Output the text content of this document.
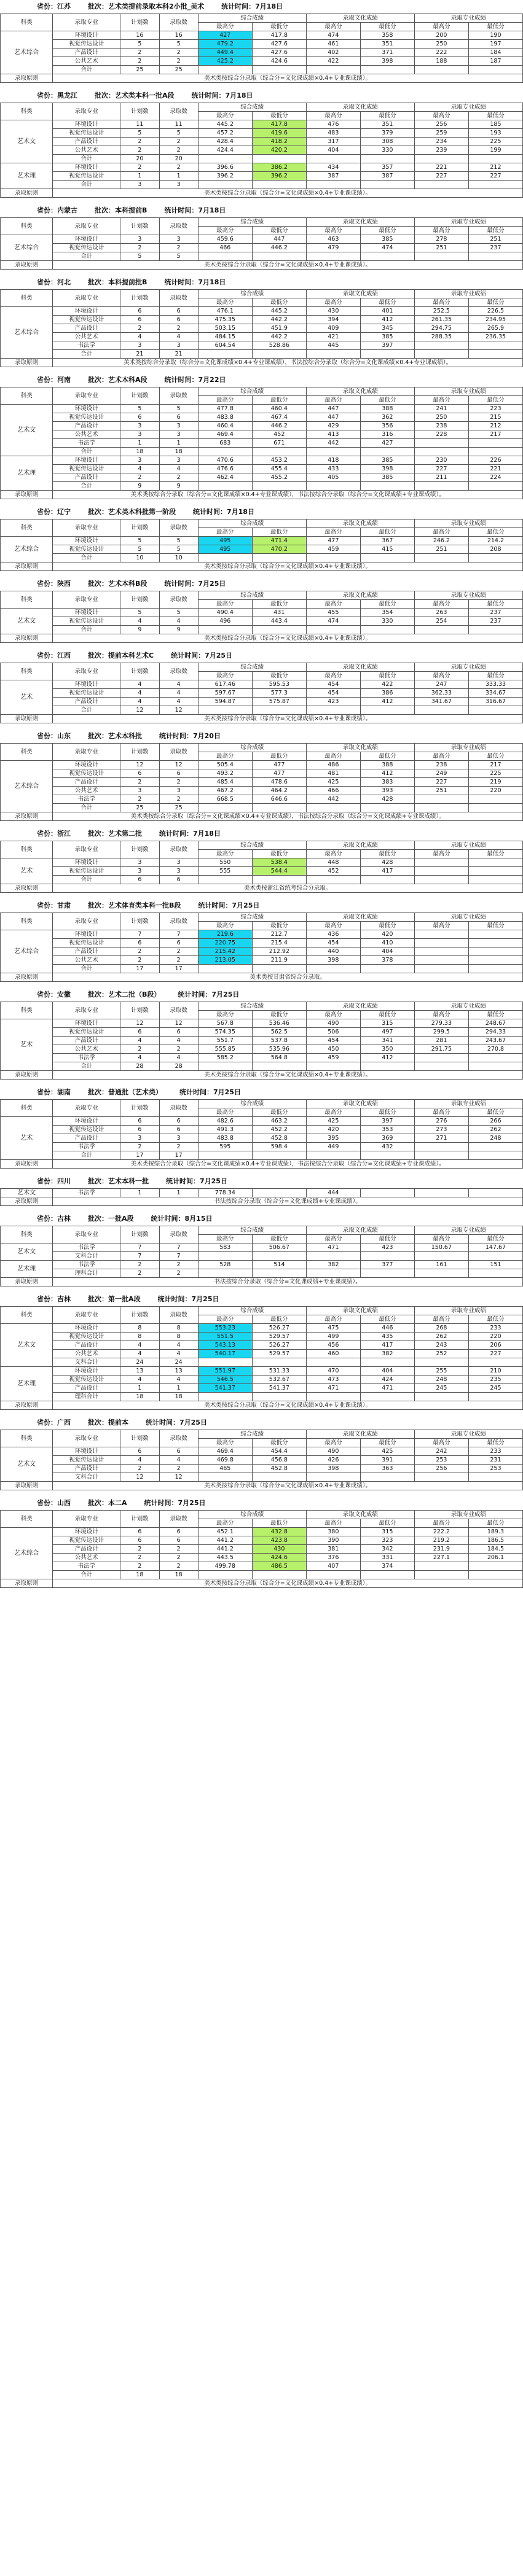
省份：江苏	批次：艺术类提前录取本科2小批_美术	统计时间：7月18日
科类	录取专业	计划数	录取数	综合成绩		录取文化成绩		录取专业成绩	
				最高分	最低分	最高分	最低分	最高分	最低分
艺术综合	环境设计	16	16	427	417.8	474	358	200	190
	视觉传达设计	5	5	479.2	427.6	461	351	250	197
	产品设计	2	2	449.4	427.6	402	371	222	184
	公共艺术	2	2	425.2	424.6	422	398	188	187
	合计	25	25						
录取原则	美术类按综合分录取（综合分=文化课成绩×0.4+专业课成绩）。								
省份：黑龙江	批次：艺术类本科一批A段	统计时间：7月18日
科类	录取专业	计划数	录取数	综合成绩		录取文化成绩		录取专业成绩	
				最高分	最低分	最高分	最低分	最高分	最低分
艺术文	环境设计	11	11	445.2	417.8	476	351	256	185
	视觉传达设计	5	5	457.2	419.6	483	379	259	193
	产品设计	2	2	428.4	418.2	317	308	234	225
	公共艺术	2	2	424.4	420.2	404	330	239	199
	合计	20	20						
艺术理	环境设计	2	2	396.6	386.2	434	357	221	212
	视觉传达设计	1	1	396.2	396.2	387	387	227	227
	合计	3	3						
录取原则	美术类按综合分录取（综合分=文化课成绩×0.4+专业课成绩）。								
省份：内蒙古	批次：本科提前B	统计时间：7月18日
科类	录取专业	计划数	录取数	综合成绩		录取文化成绩		录取专业成绩	
				最高分	最低分	最高分	最低分	最高分	最低分
艺术综合	环境设计	3	3	459.6	447	463	385	278	251
	视觉传达设计	2	2	466	446.2	479	474	251	237
	合计	5	5						
录取原则	美术类按综合分录取（综合分=文化课成绩×0.4+专业课成绩）。								
省份：河北	批次：本科提前批B	统计时间：7月18日
科类	录取专业	计划数	录取数	综合成绩		录取文化成绩		录取专业成绩	
				最高分	最低分	最高分	最低分	最高分	最低分
艺术综合	环境设计	6	6	476.1	445.2	430	401	252.5	226.5
	视觉传达设计	6	6	475.35	442.2	394	412	261.35	234.95
	产品设计	2	2	503.15	451.9	409	345	294.75	265.9
	公共艺术	4	4	484.15	442.2	421	385	288.35	236.35
	书法学	3	3	604.54	528.86	445	397		
	合计	21	21						
录取原则	美术类按综合分录取（综合分=文化课成绩×0.4+专业课成绩），书法按综合分录取（综合分=文化课成绩×0.4+专业课成绩）。								
省份：河南	批次：艺术本科A段	统计时间：7月22日
科类	录取专业	计划数	录取数	综合成绩		录取文化成绩		录取专业成绩	
				最高分	最低分	最高分	最低分	最高分	最低分
艺术文	环境设计	5	5	477.8	460.4	447	388	241	223
	视觉传达设计	6	6	483.8	467.4	447	362	250	215
	产品设计	3	3	460.4	446.2	429	356	238	212
	公共艺术	3	3	469.4	452	413	316	228	217
	书法学	1	1	683	671	442	427		
	合计	18	18						
艺术理	环境设计	3	3	470.6	453.2	418	385	230	226
	视觉传达设计	4	4	476.6	455.4	433	398	227	221
	产品设计	2	2	462.4	455.2	405	385	211	224
	合计	9	9						
录取原则	美术类按综合分录取（综合分=文化课成绩×0.4+专业课成绩），书法按综合分录取（综合分=文化课成绩+专业课成绩）。								
省份：辽宁	批次：艺术类本科批第一阶段	统计时间：7月18日
科类	录取专业	计划数	录取数	综合成绩		录取文化成绩		录取专业成绩	
				最高分	最低分	最高分	最低分	最高分	最低分
艺术综合	环境设计	5	5	495	471.4	477	367	246.2	214.2
	视觉传达设计	5	5	495	470.2	459	415	251	208
	合计	10	10						
录取原则	美术类按综合分录取（综合分=文化课成绩×0.4+专业课成绩）。								
省份：陕西	批次：艺术本科B段	统计时间：7月25日
科类	录取专业	计划数	录取数	综合成绩		录取文化成绩		录取专业成绩	
				最高分	最低分	最高分	最低分	最高分	最低分
艺术文	环境设计	5	5	490.4	431	455	354	263	237
	视觉传达设计	4	4	496	443.4	474	330	254	237
	合计	9	9						
录取原则	美术类按综合分录取（综合分=文化课成绩×0.4+专业课成绩）。								
省份：江西	批次：提前本科艺术C	统计时间：7月25日
科类	录取专业	计划数	录取数	综合成绩		录取文化成绩		录取专业成绩	
				最高分	最低分	最高分	最低分	最高分	最低分
艺术	环境设计	4	4	617.46	595.53	454	422	247	333.33
	视觉传达设计	4	4	597.67	577.3	454	386	362.33	334.67
	产品设计	4	4	594.87	575.87	423	412	341.67	316.67
	合计	12	12						
录取原则	美术类按综合分录取（综合分=文化课成绩×0.4+专业课成绩）。								
省份：山东	批次：艺术本科批	统计时间：7月20日
科类	录取专业	计划数	录取数	综合成绩		录取文化成绩		录取专业成绩	
				最高分	最低分	最高分	最低分	最高分	最低分
艺术综合	环境设计	12	12	505.4	477	486	388	238	217
	视觉传达设计	6	6	493.2	477	481	412	249	225
	产品设计	2	2	485.4	478.6	425	383	227	219
	公共艺术	3	3	467.2	464.2	466	393	251	220
	书法学	2	2	668.5	646.6	442	428		
	合计	25	25						
录取原则	美术类按综合分录取（综合分=文化课成绩×0.4+专业课成绩），书法按综合分录取（综合分=文化课成绩+专业课成绩）。								
省份：浙江	批次：艺术第二批	统计时间：7月18日
科类	录取专业	计划数	录取数	综合成绩		录取文化成绩		录取专业成绩	
				最高分	最低分	最高分	最低分	最高分	最低分
艺术	环境设计	3	3	550	538.4	448	428		
	视觉传达设计	3	3	555	544.4	452	417		
	合计	6	6						
录取原则	美术类按浙江省统考综合分录取。								
省份：甘肃	批次：艺术体育类本科一批B段	统计时间：7月25日
科类	录取专业	计划数	录取数	综合成绩		录取文化成绩		录取专业成绩	
				最高分	最低分	最高分	最低分	最高分	最低分
艺术综合	环境设计	7	7	219.6	212.7	436	420		
	视觉传达设计	6	6	220.75	215.4	454	410		
	产品设计	2	2	215.42	212.92	440	404		
	公共艺术	2	2	213.05	211.9	398	378		
	合计	17	17						
录取原则	美术类按甘肃省综合分录取。								
省份：安徽	批次：艺术二批（B段）	统计时间：7月25日
科类	录取专业	计划数	录取数	综合成绩		录取文化成绩		录取专业成绩	
				最高分	最低分	最高分	最低分	最高分	最低分
艺术	环境设计	12	12	567.8	536.46	490	315	279.33	248.67
	视觉传达设计	6	6	574.35	562.5	506	497	299.5	294.33
	产品设计	4	4	551.7	537.8	454	341	281	243.67
	公共艺术	2	2	555.85	535.96	450	350	291.75	270.8
	书法学	4	4	585.2	564.8	459	412		
	合计	28	28						
录取原则	美术类按综合分录取（综合分=文化课成绩×0.4+专业课成绩）。								
省份：湖南	批次：普通批（艺术类）	统计时间：7月25日
科类	录取专业	计划数	录取数	综合成绩		录取文化成绩		录取专业成绩	
				最高分	最低分	最高分	最低分	最高分	最低分
艺术	环境设计	6	6	482.6	463.2	425	397	276	266
	视觉传达设计	6	6	491.3	452.2	420	353	273	262
	产品设计	3	3	483.8	452.8	395	369	271	248
	书法学	2	2	595	598.4	449	432		
	合计	17	17						
录取原则	美术类按综合分录取（综合分=文化课成绩×0.4+专业课成绩），书法按综合分录取（综合分=文化课成绩+专业课成绩）。								
省份：四川	批次：艺术本科一批	统计时间：7月25日
艺术文	书法学	1	1	778.34		444			
录取原则	书法按综合分录取（综合分=文化课成绩+专业课成绩）。								
省份：吉林	批次：一批A段	统计时间：8月15日
科类	录取专业	计划数	录取数	综合成绩		录取文化成绩		录取专业成绩	
				最高分	最低分	最高分	最低分	最高分	最低分
艺术文	书法学	7	7	583	506.67	471	423	150.67	147.67
	文科合计	7	7						
艺术理	书法学	2	2	528	514	382	377	161	151
	理科合计	2	2						
录取原则	书法按综合分录取（综合分=文化课成绩+专业课成绩）。								
省份：吉林	批次：第一批A段	统计时间：7月25日
科类	录取专业	计划数	录取数	综合成绩		录取文化成绩		录取专业成绩	
				最高分	最低分	最高分	最低分	最高分	最低分
艺术文	环境设计	8	8	553.23	526.27	475	446	268	233
	视觉传达设计	8	8	551.5	529.57	499	435	262	220
	产品设计	4	4	543.13	526.27	456	417	243	206
	公共艺术	4	4	540.17	529.57	460	382	252	227
	文科合计	24	24						
艺术理	环境设计	13	13	551.97	531.33	470	404	255	210
	视觉传达设计	4	4	546.5	532.67	473	424	248	235
	产品设计	1	1	541.37	541.37	471	471	245	245
	理科合计	18	18						
录取原则	美术类按综合分录取（综合分=文化课成绩×0.4+专业课成绩）。								
省份：广西	批次：提前本	统计时间：7月25日
科类	录取专业	计划数	录取数	综合成绩		录取文化成绩		录取专业成绩	
				最高分	最低分	最高分	最低分	最高分	最低分
艺术文	环境设计	6	6	469.4	454.4	490	425	242	233
	视觉传达设计	4	4	469.8	456.8	426	391	253	231
	产品设计	2	2	465	452.8	398	363	256	253
	文科合计	12	12						
录取原则	美术类按综合分录取（综合分=文化课成绩×0.4+专业课成绩）。								
省份：山西	批次：本二A	统计时间：7月25日
科类	录取专业	计划数	录取数	综合成绩		录取文化成绩		录取专业成绩	
				最高分	最低分	最高分	最低分	最高分	最低分
艺术综合	环境设计	6	6	452.1	432.8	380	315	222.2	189.3
	视觉传达设计	6	6	441.2	423.8	390	323	219.2	186.5
	产品设计	2	2	441.2	430	381	342	231.9	184.5
	公共艺术	2	2	443.5	424.6	376	331	227.1	206.1
	书法学	2	2	499.78	486.5	407	374		
	合计	18	18						
录取原则	美术类按综合分录取（综合分=文化课成绩×0.4+专业课成绩）。								
